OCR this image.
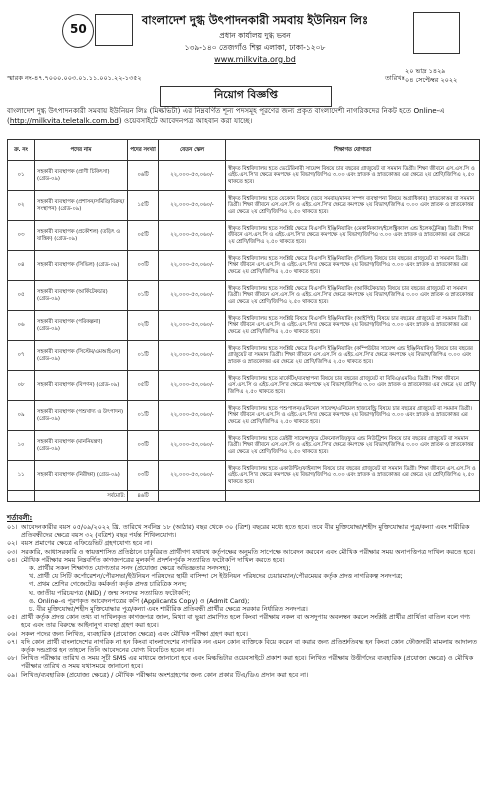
50
বাংলাদেশ দুগ্ধ উৎপাদনকারী সমবায় ইউনিয়ন লিঃ
প্রধান কার্যালয় দুগ্ধ ভবন
১৩৯-১৪০ তেজগাঁও শিল্প এলাকা, ঢাকা-১২০৮
www.milkvita.org.bd
স্মারক নং-৪৭.৭০০০.০০৩.০১.১১.০০১.২২-১৩৫২
২০ ভাদ্র ১৪২৯
তারিখঃ ০৪ সেপ্টেম্বর ২০২২
নিয়োগ বিজ্ঞপ্তি
বাংলাদেশ দুগ্ধ উৎপাদনকারী সমবায় ইউনিয়ন লিঃ (মিল্কভিটা) এর নিম্নবর্ণিত শূন্য পদসমূহ পূরণের জন্য প্রকৃত বাংলাদেশী নাগরিকদের নিকট হতে Online-এ (http://milkvita.teletalk.com.bd) ওয়েবসাইটে আবেদনপত্র আহবান করা যাচ্ছে।
ক্র. নং	পদের নাম	পদের সংখ্যা	বেতন স্কেল	শিক্ষাগত যোগ্যতা
০১	সহকারী ব্যবস্থাপক (প্রাণী চিকিৎসা) (গ্রেড-০৯)	০৬টি	২২,০০০-৫৩,০৬০/-	স্বীকৃত বিশ্ববিদ্যালয় হতে ভেটেরিনারী সায়েন্স বিষয়ে চার বছরের গ্রাজুয়েট বা সমমান ডিগ্রী। শিক্ষা জীবনে এস.এস.সি ও এইচ.এস.সি'র ক্ষেত্রে কমপক্ষে ২য় বিভাগ/জিপিএ ৩.০০ এবং স্নাতক ও স্নাতকোত্তর এর ক্ষেত্রে ২য় শ্রেণি/জিপিএ ২.৫০ থাকতে হবে।
০২	সহকারী ব্যবস্থাপক (প্রশাসন/সমিতি/বিক্রয়/সংস্থাপন) (গ্রেড-০৯)	১৫টি	২২,০০০-৫৩,০৬০/-	স্বীকৃত বিশ্ববিদ্যালয় হতে যেকোন বিষয়ে (তবে সমবায়/মানব সম্পদ ব্যবস্থাপনা বিষয়ে অগ্রাধিকার) স্নাতকোত্তর বা সমমান ডিগ্রী। শিক্ষা জীবনে এস.এস.সি ও এইচ.এস.সি'র ক্ষেত্রে কমপক্ষে ২য় বিভাগ/জিপিএ ৩.০০ এবং স্নাতক ও স্নাতকোত্তর এর ক্ষেত্রে ২য় শ্রেণি/জিপিএ ২.৫০ থাকতে হবে।
০৩	সহকারী ব্যবস্থাপক (প্রকৌশল) (তড়িৎ ও যান্ত্রিক) (গ্রেড-০৯)	০৫টি	২২,০০০-৫৩,০৬০/-	স্বীকৃত বিশ্ববিদ্যালয় হতে সংশ্লিষ্ট ক্ষেত্রে বিএসসি ইঞ্জিনিয়ারিং (মেকানিক্যাল/ইলেক্ট্রিক্যাল এন্ড ইলেকট্রনিক্স) ডিগ্রী। শিক্ষা জীবনে এস.এস.সি ও এইচ.এস.সি'র ক্ষেত্রে কমপক্ষে ২য় বিভাগ/জিপিএ ৩.০০ এবং স্নাতক ও স্নাতকোত্তর এর ক্ষেত্রে ২য় শ্রেণি/জিপিএ ২.৫০ থাকতে হবে।
০৪	সহকারী ব্যবস্থাপক (সিভিল) (গ্রেড-০৯)	০৩টি	২২,০০০-৫৩,০৬০/-	স্বীকৃত বিশ্ববিদ্যালয় হতে সংশ্লিষ্ট ক্ষেত্রে বিএসসি ইঞ্জিনিয়ারিং (সিভিল) বিষয়ে চার বছরের গ্রাজুয়েট বা সমমান ডিগ্রী। শিক্ষা জীবনে এস.এস.সি ও এইচ.এস.সি'র ক্ষেত্রে কমপক্ষে ২য় বিভাগ/জিপিএ ৩.০০ এবং স্নাতক ও স্নাতকোত্তর এর ক্ষেত্রে ২য় শ্রেণি/জিপিএ ২.৫০ থাকতে হবে।
০৫	সহকারী ব্যবস্থাপক (আর্কিটেকচার) (গ্রেড-০৯)	০১টি	২২,০০০-৫৩,০৬০/-	স্বীকৃত বিশ্ববিদ্যালয় হতে সংশ্লিষ্ট ক্ষেত্রে বিএসসি ইঞ্জিনিয়ারিং (আর্কিটেকচার) বিষয়ে চার বছরের গ্রাজুয়েট বা সমমান ডিগ্রী। শিক্ষা জীবনে এস.এস.সি ও এইচ.এস.সি'র ক্ষেত্রে কমপক্ষে ২য় বিভাগ/জিপিএ ৩.০০ এবং স্নাতক ও স্নাতকোত্তর এর ক্ষেত্রে ২য় শ্রেণি/জিপিএ ২.৫০ থাকতে হবে।
০৬	সহকারী ব্যবস্থাপক (পরিকল্পনা) (গ্রেড-০৯)	০২টি	২২,০০০-৫৩,০৬০/-	স্বীকৃত বিশ্ববিদ্যালয় হতে সংশ্লিষ্ট বিষয়ে বিএসসি ইঞ্জিনিয়ারিং (আইপিই) বিষয়ে চার বছরের গ্রাজুয়েট বা সমমান ডিগ্রী। শিক্ষা জীবনে এস.এস.সি ও এইচ.এস.সি'র ক্ষেত্রে কমপক্ষে ২য় বিভাগ/জিপিএ ৩.০০ এবং স্নাতক ও স্নাতকোত্তর এর ক্ষেত্রে ২য় শ্রেণি/জিপিএ ২.৫০ থাকতে হবে।
০৭	সহকারী ব্যবস্থাপক (সিস্টেম/এমআইএস) (গ্রেড-০৯)	০১টি	২২,০০০-৫৩,০৬০/-	স্বীকৃত বিশ্ববিদ্যালয় হতে সংশ্লিষ্ট ক্ষেত্রে বিএসসি ইঞ্জিনিয়ারিং (কম্পিউটার সায়েন্স এন্ড ইঞ্জিনিয়ারিং) বিষয়ে চার বছরের গ্রাজুয়েট বা সমমান ডিগ্রী। শিক্ষা জীবনে এস.এস.সি ও এইচ.এস.সি'র ক্ষেত্রে কমপক্ষে ২য় বিভাগ/জিপিএ ৩.০০ এবং স্নাতক ও স্নাতকোত্তর এর ক্ষেত্রে ২য় শ্রেণি/জিপিএ ২.৫০ থাকতে হবে।
০৮	সহকারী ব্যবস্থাপক (বিপণন) (গ্রেড-০৯)	০৫টি	২২,০০০-৫৩,০৬০/-	স্বীকৃত বিশ্ববিদ্যালয় হতে মার্কেটিং/ব্যবস্থাপনা বিষয়ে চার বছরের গ্রাজুয়েট বা বিবিএ/এমবিএ ডিগ্রী। শিক্ষা জীবনে এস.এস.সি ও এইচ.এস.সি'র ক্ষেত্রে কমপক্ষে ২য় বিভাগ/জিপিএ ৩.০০ এবং স্নাতক ও স্নাতকোত্তর এর ক্ষেত্রে ২য় শ্রেণি/জিপিএ ২.৫০ থাকতে হবে।
০৯	সহকারী ব্যবস্থাপক (পশুখাদ্য ও উৎপাদন) (গ্রেড-০৯)	০১টি	২২,০০০-৫৩,০৬০/-	স্বীকৃত বিশ্ববিদ্যালয় হতে পশুপালন/এনিমেল সায়েন্স/এনিমেল হাজবেন্ড্রি বিষয়ে চার বছরের গ্রাজুয়েট বা সমমান ডিগ্রী। শিক্ষা জীবনে এস.এস.সি ও এইচ.এস.সি'র ক্ষেত্রে কমপক্ষে ২য় বিভাগ/জিপিএ ৩.০০ এবং স্নাতক ও স্নাতকোত্তর এর ক্ষেত্রে ২য় শ্রেণি/জিপিএ ২.৫০ থাকতে হবে।
১০	সহকারী ব্যবস্থাপক (মাননিয়ন্ত্রণ) (গ্রেড-০৯)	০৩টি	২২,০০০-৫৩,০৬০/-	স্বীকৃত বিশ্ববিদ্যালয় হতে ডেইরী সায়েন্স/ফুড টেকনোলজি/ফুড এন্ড নিউট্রিশন বিষয়ে চার বছরের গ্রাজুয়েট বা সমমান ডিগ্রী। শিক্ষা জীবনে এস.এস.সি ও এইচ.এস.সি'র ক্ষেত্রে কমপক্ষে ২য় বিভাগ/জিপিএ ৩.০০ এবং স্নাতক ও স্নাতকোত্তর এর ক্ষেত্রে ২য় শ্রেণি/জিপিএ ২.৫০ থাকতে হবে।
১১	সহকারী ব্যবস্থাপক (নিরীক্ষা) (গ্রেড-০৯)	০৩টি	২২,০০০-৫৩,০৬০/-	স্বীকৃত বিশ্ববিদ্যালয় হতে একাউন্টিং/ফাইন্যান্স বিষয়ে চার বছরের গ্রাজুয়েট বা সমমান ডিগ্রী। শিক্ষা জীবনে এস.এস.সি ও এইচ.এস.সি'র ক্ষেত্রে কমপক্ষে ২য় বিভাগ/জিপিএ ৩.০০ এবং স্নাতক ও স্নাতকোত্তর এর ক্ষেত্রে ২য় শ্রেণি/জিপিএ ২.৫০ থাকতে হবে।
	সর্বমোট:	৪৬টি		
শর্তাবলী:
০১। আবেদনকারীর বয়স ০৫/০৯/২০২২ খ্রি. তারিখে সর্বনিম্ন ১৮ (আঠার) বছর থেকে ৩০ (ত্রিশ) বছরের মধ্যে হতে হবে। তবে বীর মুক্তিযোদ্ধা/শহীদ মুক্তিযোদ্ধার পুত্র/কন্যা এবং শারীরিক প্রতিবন্ধীদের ক্ষেত্রে বয়স ৩২ (বত্রিশ) বছর পর্যন্ত শিথিলযোগ্য।
০২। বয়স প্রমাণের ক্ষেত্রে এফিডেভিট গ্রহণযোগ্য হবে না।
০৩। সরকারি, আধাসরকারি ও স্বায়ত্তশাসিত প্রতিষ্ঠানে চাকুরিরত প্রার্থীগণ যথাযথ কর্তৃপক্ষের অনুমতি সাপেক্ষে আবেদন করবেন এবং মৌখিক পরীক্ষার সময় অনাপত্তিপত্র দাখিল করতে হবে।
০৪। মৌখিক পরীক্ষার সময় নিম্নবর্ণিত কাগজপত্রের মূলকপি প্রদর্শনপূর্বক সত্যায়িত ফটোকপি দাখিল করতে হবে।
ক. প্রার্থীর সকল শিক্ষাগত যোগ্যতার সনদ (প্রযোজ্য ক্ষেত্রে অভিজ্ঞতার সনদসহ);
খ. প্রার্থী যে সিটি কর্পোরেশন/পৌরসভা/ইউনিয়ন পরিষদের স্থায়ী বাসিন্দা সে ইউনিয়ন পরিষদের চেয়ারম্যান/পৌরমেয়র কর্তৃক প্রদত্ত নাগরিকত্ব সনদপত্র;
গ. প্রথম শ্রেণির গেজেটেড কর্মকর্তা কর্তৃক প্রদত্ত চারিত্রিক সনদ;
ঘ. জাতীয় পরিচয়পত্র (NID) / জন্ম সনদের সত্যায়িত ফটোকপি;
ঙ. Online-এ পূরণকৃত আবেদনপত্রের কপি (Applicants Copy) ও (Admit Card);
চ. বীর মুক্তিযোদ্ধা/শহীদ মুক্তিযোদ্ধার পুত্র/কন্যা এবং শারীরিক প্রতিবন্ধী প্রার্থীর ক্ষেত্রে সরকার নির্ধারিত সনদপত্র।
০৫। প্রার্থী কর্তৃক প্রদত্ত কোন তথ্য বা দাখিলকৃত কাগজপত্র জাল, মিথ্যা বা ভুয়া প্রমাণিত হলে কিংবা পরীক্ষায় নকল বা অসদুপায় অবলম্বন করলে সংশ্লিষ্ট প্রার্থীর প্রার্থিতা বাতিল বলে গণ্য হবে এবং তার বিরুদ্ধে আইনানুগ ব্যবস্থা গ্রহণ করা হবে।
০৬। সকল পদের জন্য লিখিত, ব্যবহারিক (প্রযোজ্য ক্ষেত্রে) এবং মৌখিক পরীক্ষা গ্রহণ করা হবে।
০৭। যদি কোন প্রার্থী বাংলাদেশের নাগরিক না হন কিংবা বাংলাদেশের নাগরিক নন এমন কোন ব্যক্তিকে বিয়ে করেন বা করার জন্য প্রতিশ্রুতিবদ্ধ হন কিংবা কোন ফৌজদারী মামলায় আদালত কর্তৃক দন্ডপ্রাপ্ত হন তাহলে তিনি আবেদনের যোগ্য বিবেচিত হবেন না।
০৮। লিখিত পরীক্ষার তারিখ ও সময় সূচী SMS এর মাধ্যমে জানানো হবে এবং মিল্কভিটার ওয়েবসাইটে প্রকাশ করা হবে। লিখিত পরীক্ষায় উত্তীর্ণদের ব্যবহারিক (প্রযোজ্য ক্ষেত্রে) ও মৌখিক পরীক্ষার তারিখ ও সময় যথাসময়ে জানানো হবে।
০৯। লিখিত/ব্যবহারিক (প্রযোজ্য ক্ষেত্রে) / মৌখিক পরীক্ষায় অংশগ্রহণের জন্য কোন প্রকার টিএ/ডিএ প্রদান করা হবে না।
